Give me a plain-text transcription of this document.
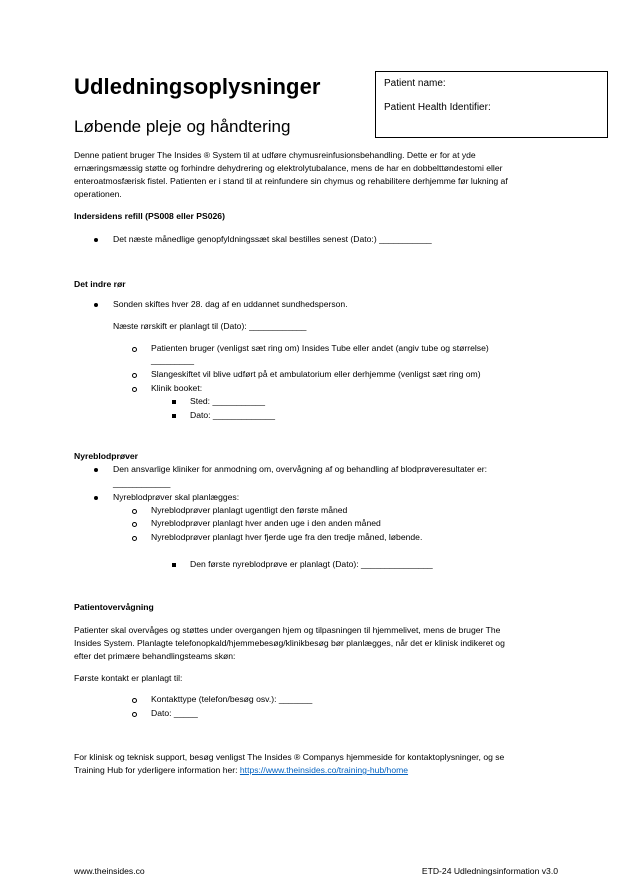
Udledningsoplysninger
Løbende pleje og håndtering
Patient name:
Patient Health Identifier:
Denne patient bruger The Insides ® System til at udføre chymusreinfusionsbehandling. Dette er for at yde
ernæringsmæssig støtte og forhindre dehydrering og elektrolytubalance, mens de har en dobbelttøndestomi eller
enteroatmosfærisk fistel. Patienten er i stand til at reinfundere sin chymus og rehabilitere derhjemme før lukning af
operationen.
Indersidens refill (PS008 eller PS026)
Det næste månedlige genopfyldningssæt skal bestilles senest (Dato:) ___________
Det indre rør
Sonden skiftes hver 28. dag af en uddannet sundhedsperson.
Næste rørskift er planlagt til (Dato): ____________
Patienten bruger (venligst sæt ring om) Insides Tube eller andet (angiv tube og størrelse)
_________
Slangeskiftet vil blive udført på et ambulatorium eller derhjemme (venligst sæt ring om)
Klinik booket:
Sted: ___________
Dato: _____________
Nyreblodprøver
Den ansvarlige kliniker for anmodning om, overvågning af og behandling af blodprøveresultater er:
____________
Nyreblodprøver skal planlægges:
Nyreblodprøver planlagt ugentligt den første måned
Nyreblodprøver planlagt hver anden uge i den anden måned
Nyreblodprøver planlagt hver fjerde uge fra den tredje måned, løbende.
Den første nyreblodprøve er planlagt (Dato): _______________
Patientovervågning
Patienter skal overvåges og støttes under overgangen hjem og tilpasningen til hjemmelivet, mens de bruger The
Insides System. Planlagte telefonopkald/hjemmebesøg/klinikbesøg bør planlægges, når det er klinisk indikeret og
efter det primære behandlingsteams skøn:
Første kontakt er planlagt til:
Kontakttype (telefon/besøg osv.): _______
Dato: _____
For klinisk og teknisk support, besøg venligst The Insides ® Companys hjemmeside for kontaktoplysninger, og se
Training Hub for yderligere information her: https://www.theinsides.co/training-hub/home
www.theinsides.co	ETD-24 Udledningsinformation v3.0
